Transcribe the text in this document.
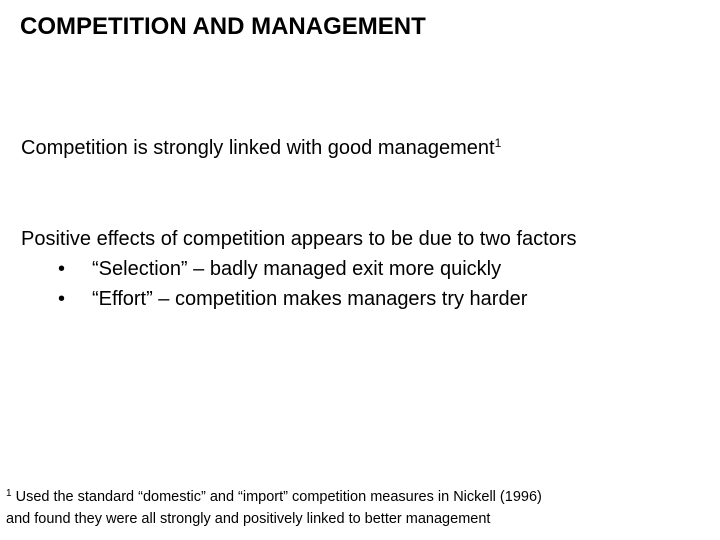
COMPETITION AND MANAGEMENT
Competition is strongly linked with good management$^1$
Positive effects of competition appears to be due to two factors
• “Selection” – badly managed exit more quickly
• “Effort” – competition makes managers try harder
$^1$ Used the standard “domestic” and “import” competition measures in Nickell (1996)
and found they were all strongly and positively linked to better management
